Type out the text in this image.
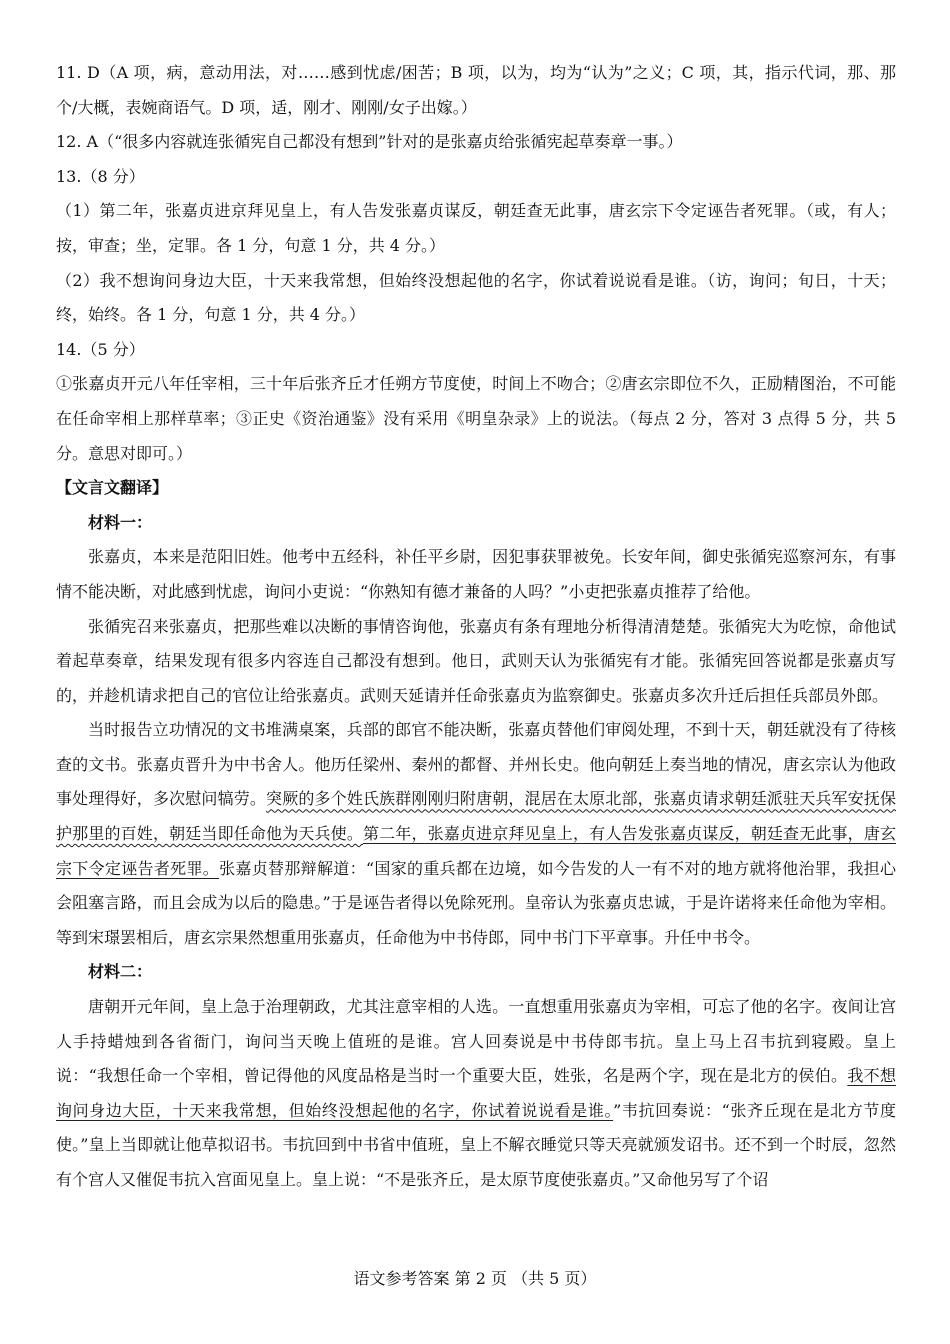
11. D（A 项，病，意动用法，对……感到忧虑/困苦；B 项，以为，均为“认为”之义；C 项，其，指示代词，那、那个/大概，表婉商语气。D 项，适，刚才、刚刚/女子出嫁。）

12. A（“很多内容就连张循宪自己都没有想到”针对的是张嘉贞给张循宪起草奏章一事。）

13.（8 分）

（1）第二年，张嘉贞进京拜见皇上，有人告发张嘉贞谋反，朝廷查无此事，唐玄宗下令定诬告者死罪。（或，有人；按，审查；坐，定罪。各 1 分，句意 1 分，共 4 分。）

（2）我不想询问身边大臣，十天来我常想，但始终没想起他的名字，你试着说说看是谁。（访，询问；旬日，十天；终，始终。各 1 分，句意 1 分，共 4 分。）

14.（5 分）

①张嘉贞开元八年任宰相，三十年后张齐丘才任朔方节度使，时间上不吻合；②唐玄宗即位不久，正励精图治，不可能在任命宰相上那样草率；③正史《资治通鉴》没有采用《明皇杂录》上的说法。（每点 2 分，答对 3 点得 5 分，共 5 分。意思对即可。）

【文言文翻译】

材料一：

张嘉贞，本来是范阳旧姓。他考中五经科，补任平乡尉，因犯事获罪被免。长安年间，御史张循宪巡察河东，有事情不能决断，对此感到忧虑，询问小吏说：“你熟知有德才兼备的人吗？”小吏把张嘉贞推荐了给他。

张循宪召来张嘉贞，把那些难以决断的事情咨询他，张嘉贞有条有理地分析得清清楚楚。张循宪大为吃惊，命他试着起草奏章，结果发现有很多内容连自己都没有想到。他日，武则天认为张循宪有才能。张循宪回答说都是张嘉贞写的，并趁机请求把自己的官位让给张嘉贞。武则天延请并任命张嘉贞为监察御史。张嘉贞多次升迁后担任兵部员外郎。

当时报告立功情况的文书堆满桌案，兵部的郎官不能决断，张嘉贞替他们审阅处理，不到十天，朝廷就没有了待核查的文书。张嘉贞晋升为中书舍人。他历任梁州、秦州的都督、并州长史。他向朝廷上奏当地的情况，唐玄宗认为他政事处理得好，多次慰问犒劳。突厥的多个姓氏族群刚刚归附唐朝，混居在太原北部，张嘉贞请求朝廷派驻天兵军安抚保护那里的百姓，朝廷当即任命他为天兵使。第二年，张嘉贞进京拜见皇上，有人告发张嘉贞谋反，朝廷查无此事，唐玄宗下令定诬告者死罪。张嘉贞替那辩解道：“国家的重兵都在边境，如今告发的人一有不对的地方就将他治罪，我担心会阻塞言路，而且会成为以后的隐患。”于是诬告者得以免除死刑。皇帝认为张嘉贞忠诚，于是许诺将来任命他为宰相。等到宋璟罢相后，唐玄宗果然想重用张嘉贞，任命他为中书侍郎，同中书门下平章事。升任中书令。

材料二：

唐朝开元年间，皇上急于治理朝政，尤其注意宰相的人选。一直想重用张嘉贞为宰相，可忘了他的名字。夜间让宫人手持蜡烛到各省衙门，询问当天晚上值班的是谁。宫人回奏说是中书侍郎韦抗。皇上马上召韦抗到寝殿。皇上说：“我想任命一个宰相，曾记得他的风度品格是当时一个重要大臣，姓张，名是两个字，现在是北方的侯伯。我不想询问身边大臣，十天来我常想，但始终没想起他的名字，你试着说说看是谁。”韦抗回奏说：“张齐丘现在是北方节度使。”皇上当即就让他草拟诏书。韦抗回到中书省中值班，皇上不解衣睡觉只等天亮就颁发诏书。还不到一个时辰，忽然有个宫人又催促韦抗入宫面见皇上。皇上说：“不是张齐丘，是太原节度使张嘉贞。”又命他另写了个诏

语文参考答案 第 2 页 （共 5 页）
